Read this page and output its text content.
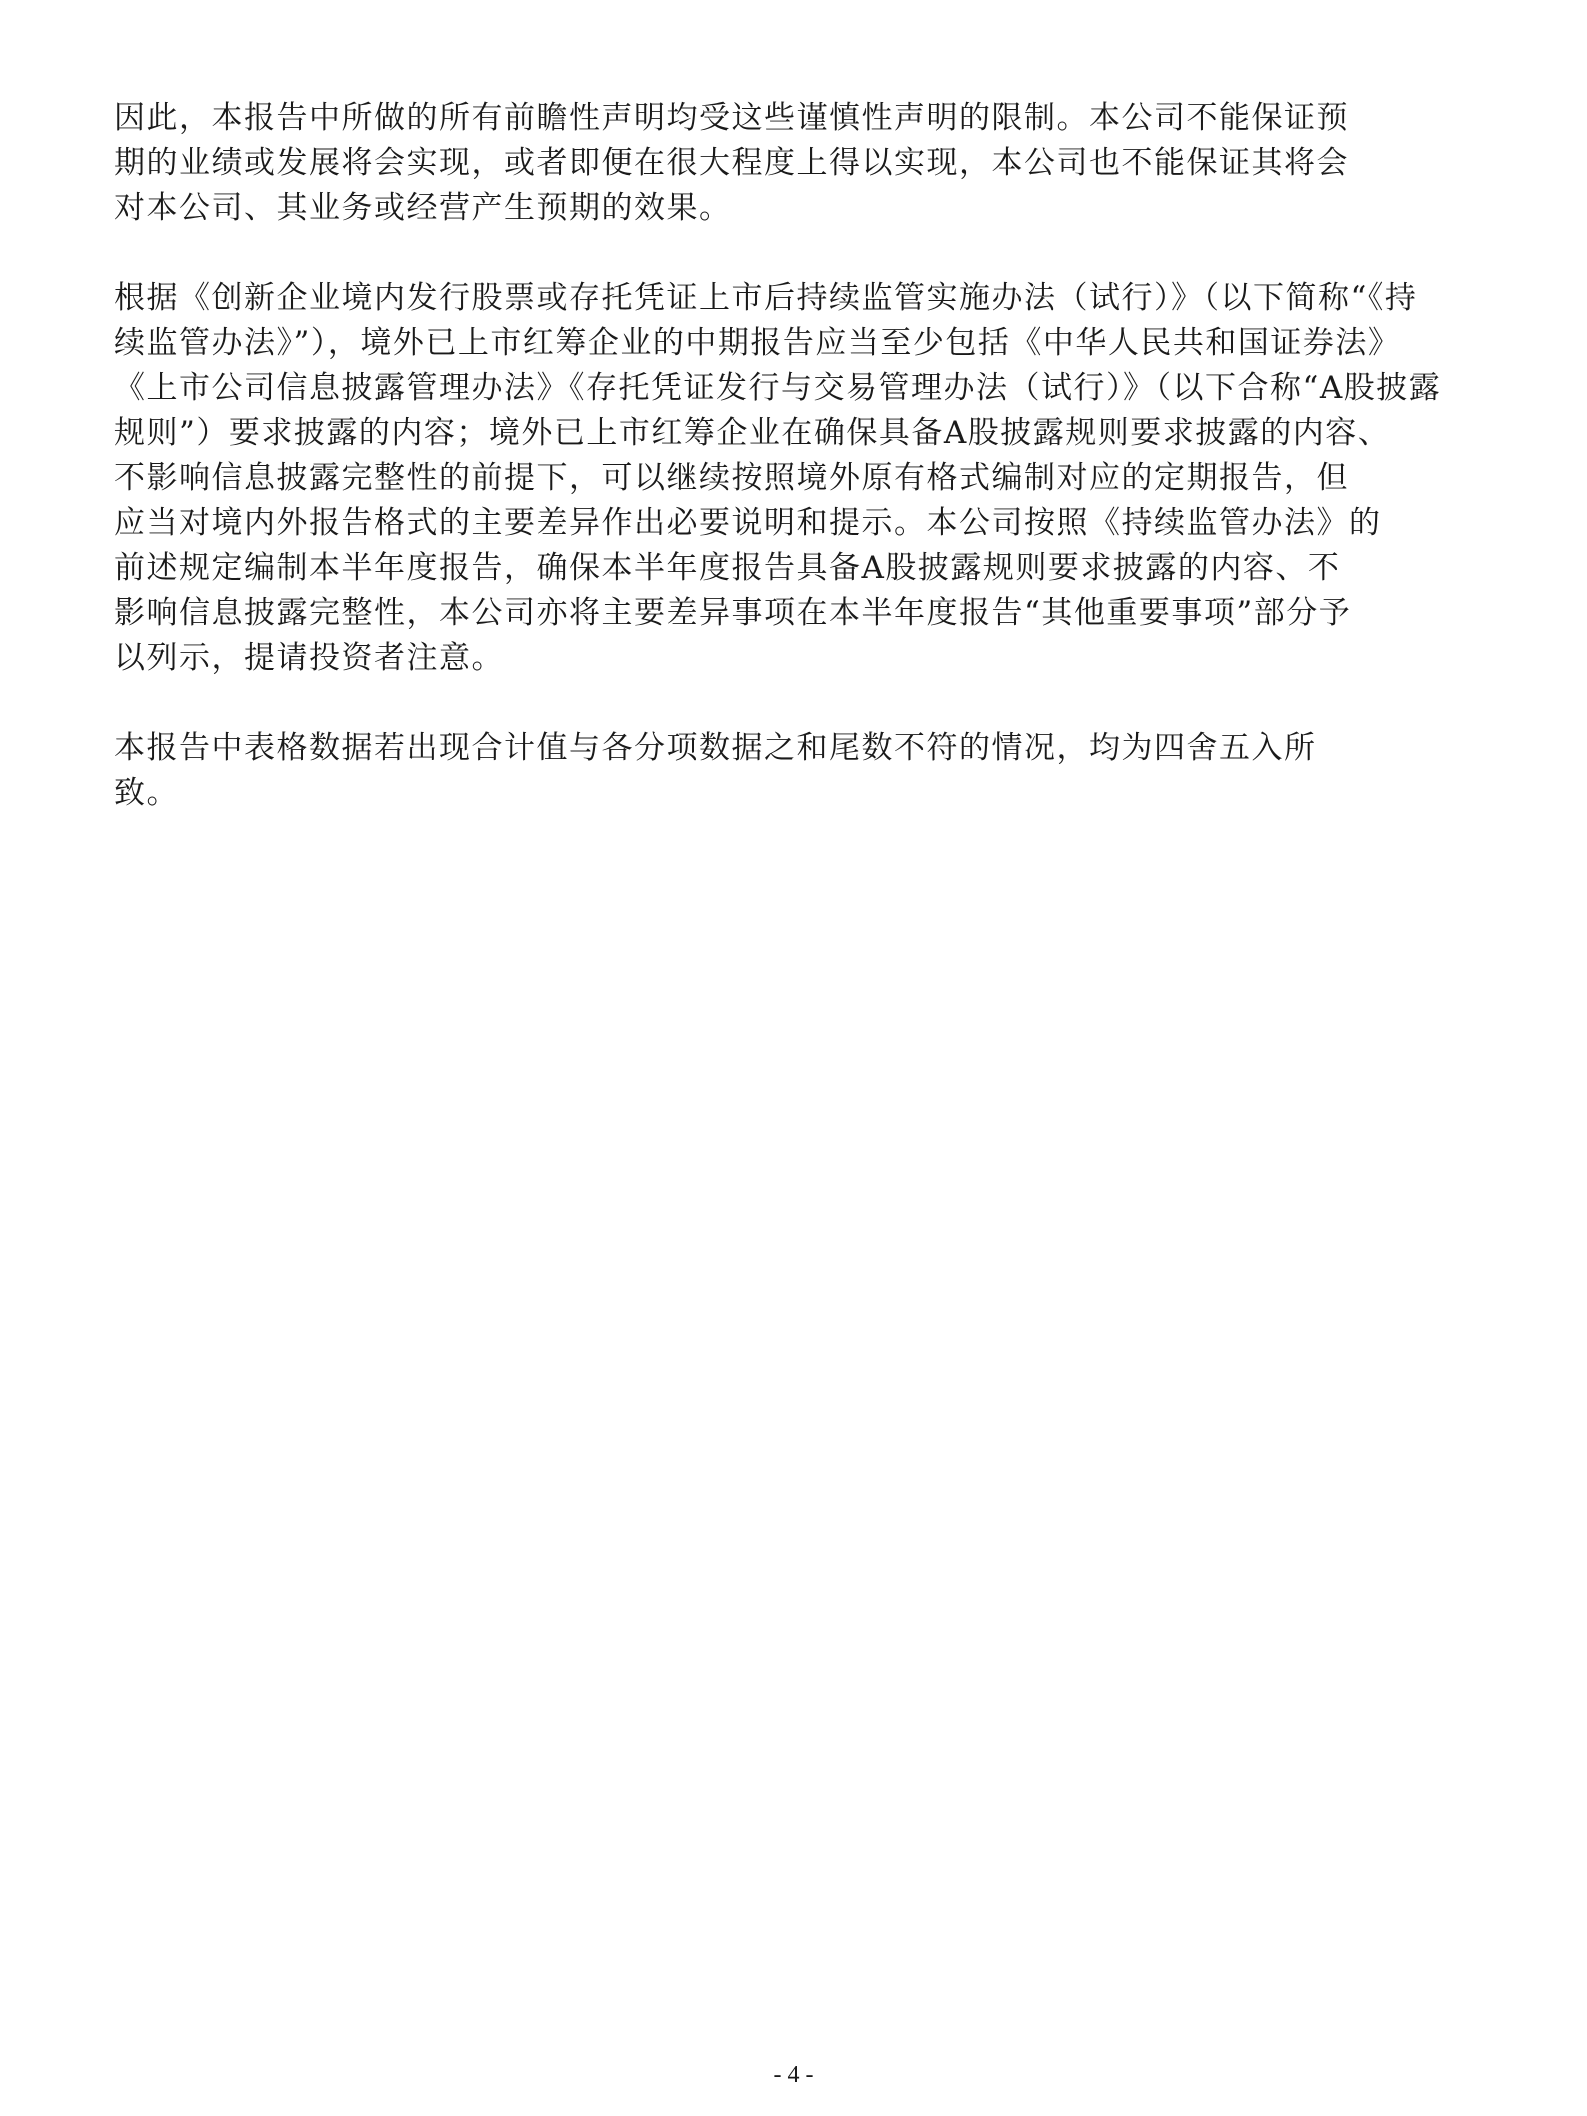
因此，本报告中所做的所有前瞻性声明均受这些谨慎性声明的限制。本公司不能保证预
期的业绩或发展将会实现，或者即便在很大程度上得以实现，本公司也不能保证其将会
对本公司、其业务或经营产生预期的效果。

根据《创新企业境内发行股票或存托凭证上市后持续监管实施办法（试行）》（以下简称“《持
续监管办法》”），境外已上市红筹企业的中期报告应当至少包括《中华人民共和国证券法》
《上市公司信息披露管理办法》《存托凭证发行与交易管理办法（试行）》（以下合称“A股披露
规则”）要求披露的内容；境外已上市红筹企业在确保具备A股披露规则要求披露的内容、
不影响信息披露完整性的前提下，可以继续按照境外原有格式编制对应的定期报告，但
应当对境内外报告格式的主要差异作出必要说明和提示。本公司按照《持续监管办法》的
前述规定编制本半年度报告，确保本半年度报告具备A股披露规则要求披露的内容、不
影响信息披露完整性，本公司亦将主要差异事项在本半年度报告“其他重要事项”部分予
以列示，提请投资者注意。

本报告中表格数据若出现合计值与各分项数据之和尾数不符的情况，均为四舍五入所
致。

- 4 -
